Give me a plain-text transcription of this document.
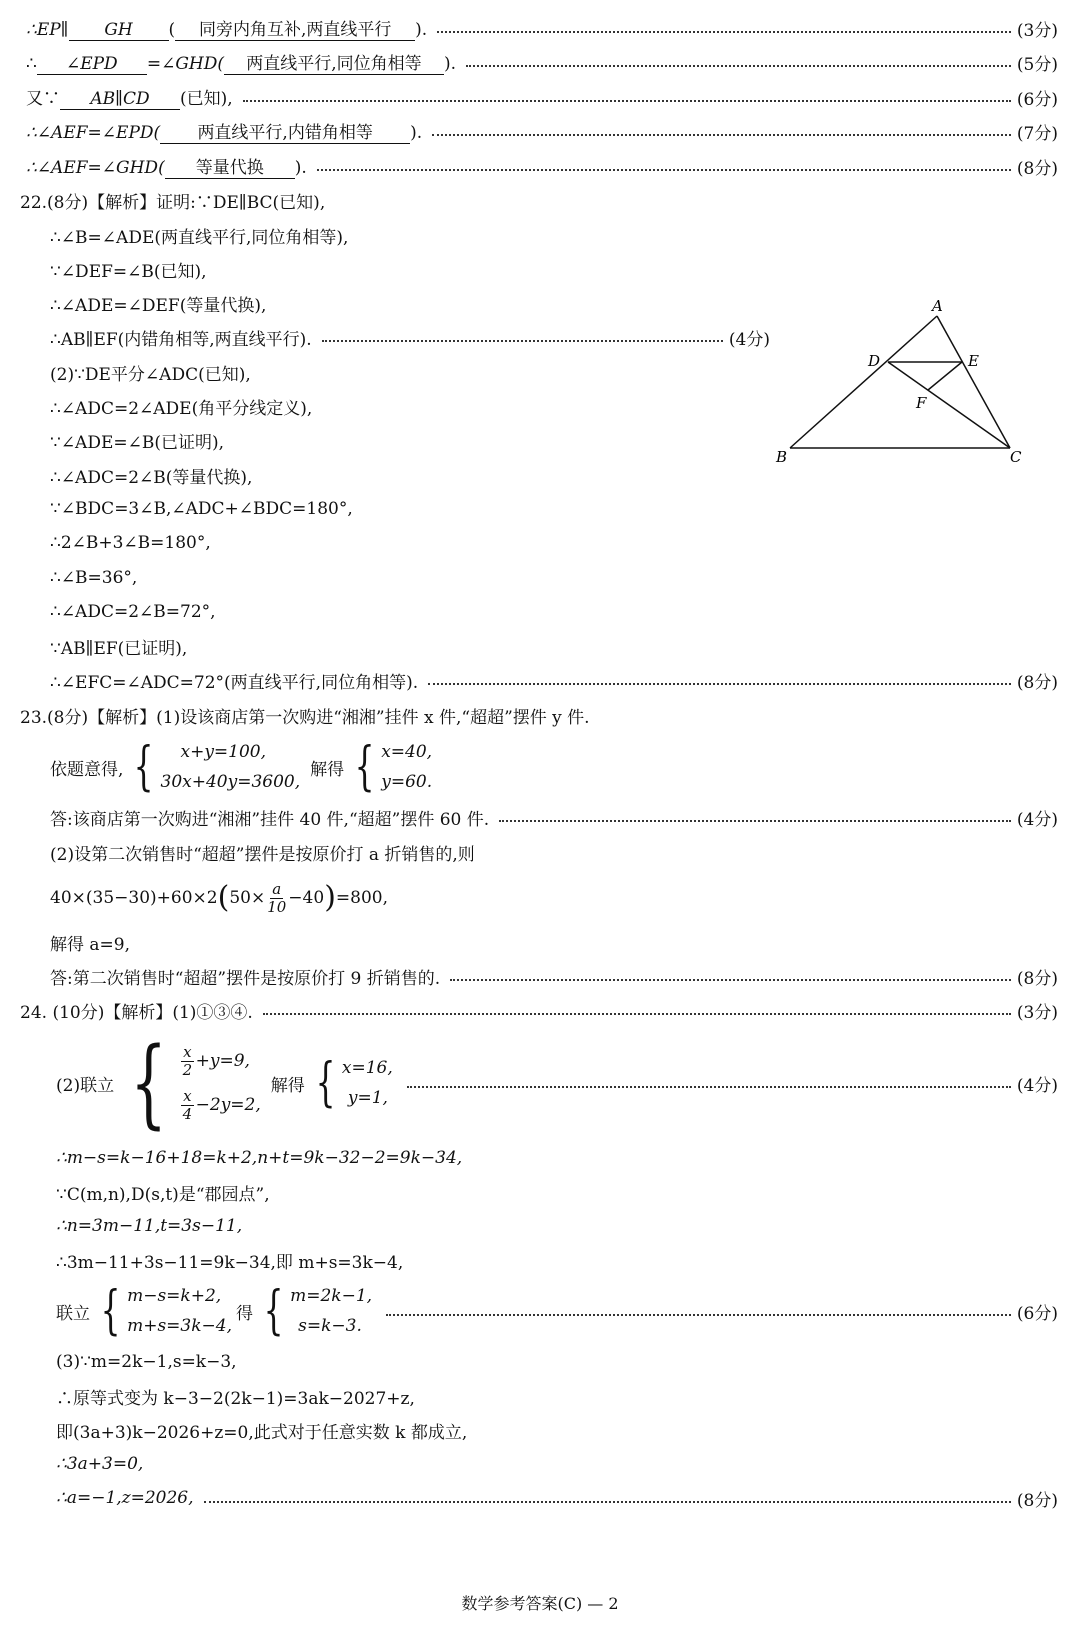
∴EP∥ GH ( 同旁内角互补,两直线平行 ).	(3分)
∴ ∠EPD =∠GHD( 两直线平行,同位角相等 ).	(5分)
又∵ AB∥CD (已知),	(6分)
∴∠AEF=∠EPD( 两直线平行,内错角相等 ).	(7分)
∴∠AEF=∠GHD( 等量代换 ).	(8分)
22.(8分)【解析】证明:∵DE∥BC(已知),
∴∠B=∠ADE(两直线平行,同位角相等),
∵∠DEF=∠B(已知),
∴∠ADE=∠DEF(等量代换),
∴AB∥EF(内错角相等,两直线平行).	(4分)
(2)∵DE平分∠ADC(已知),
∴∠ADC=2∠ADE(角平分线定义),
∵∠ADE=∠B(已证明),
∴∠ADC=2∠B(等量代换),
∵∠BDC=3∠B,∠ADC+∠BDC=180°,
∴2∠B+3∠B=180°,
∴∠B=36°,
∴∠ADC=2∠B=72°,
∵AB∥EF(已证明),
∴∠EFC=∠ADC=72°(两直线平行,同位角相等).	(8分)
A
D	E
F
B	C
23.(8分)【解析】(1)设该商店第一次购进“湘湘”挂件 x 件,“超超”摆件 y 件.
依题意得, {	x+y=100,
30x+40y=3600,
解得 { x=40,
y=60.
答:该商店第一次购进“湘湘”挂件 40 件,“超超”摆件 60 件.	(4分)
(2)设第二次销售时“超超”摆件是按原价打 a 折销售的,则
40×(35−30)+60×2 ( $50\times \frac{a}{10} -40$ ) =800,
解得 a=9,
答:第二次销售时“超超”摆件是按原价打 9 折销售的.	(8分)
24. (10分)【解析】(1)①③④.	(3分)
(2)联立 { $\frac{x}{2} +y=9$,
$\frac{x}{4} -2y=2$,
解得 { x=16,
y=1,
(4分)
∴m−s=k−16+18=k+2,n+t=9k−32−2=9k−34,
∵C(m,n),D(s,t)是“郡园点”,
∴n=3m−11,t=3s−11,
∴3m−11+3s−11=9k−34,即 m+s=3k−4,
联立 { m−s=k+2,
m+s=3k−4,
得 { m=2k−1,
s=k−3.
(6分)
(3)∵m=2k−1,s=k−3,
∴原等式变为 k−3−2(2k−1)=3ak−2027+z,
即(3a+3)k−2026+z=0,此式对于任意实数 k 都成立,
∴3a+3=0,
∴a=−1,z=2026,	(8分)
数学参考答案(C) — 2
